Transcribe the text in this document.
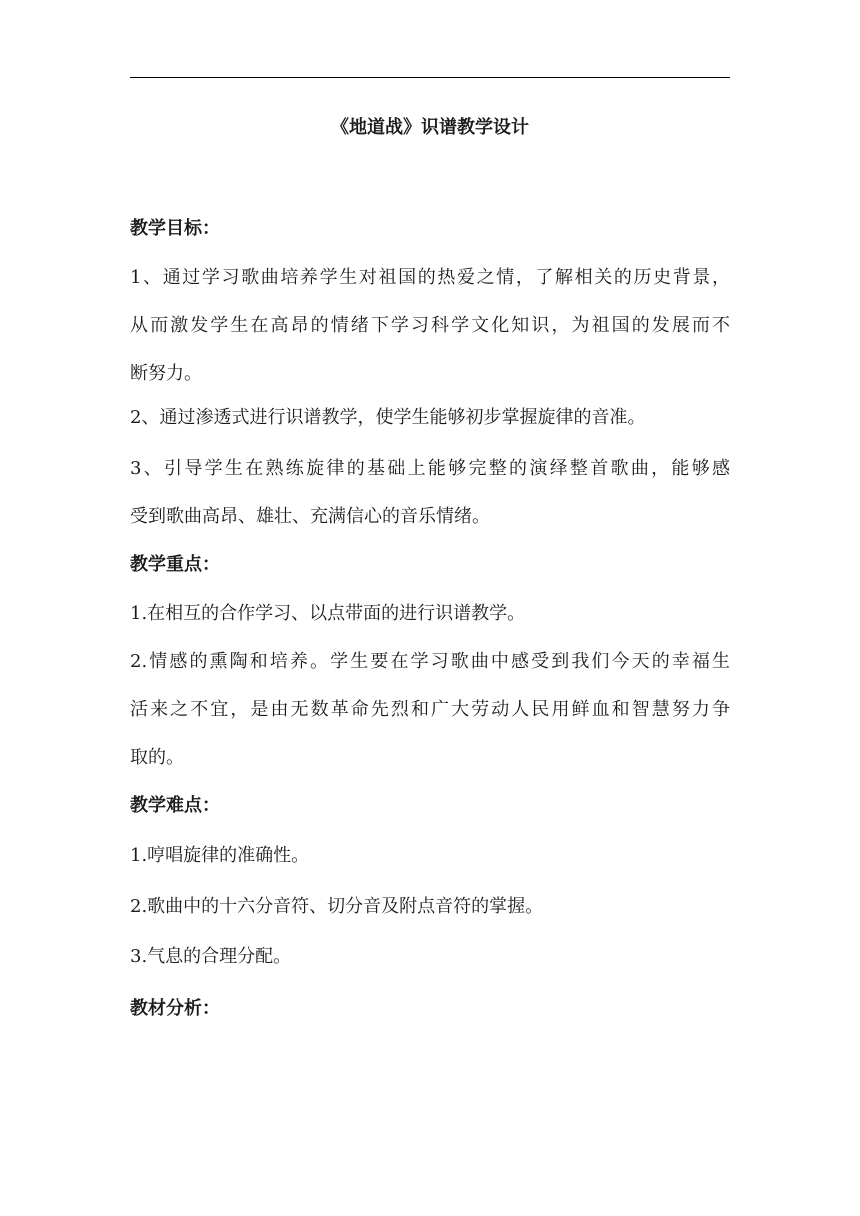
《地道战》识谱教学设计
教学目标：
1、通过学习歌曲培养学生对祖国的热爱之情，了解相关的历史背景，
从而激发学生在高昂的情绪下学习科学文化知识，为祖国的发展而不
断努力。
2、通过渗透式进行识谱教学，使学生能够初步掌握旋律的音准。
3、引导学生在熟练旋律的基础上能够完整的演绎整首歌曲，能够感
受到歌曲高昂、雄壮、充满信心的音乐情绪。
教学重点：
1.在相互的合作学习、以点带面的进行识谱教学。
2.情感的熏陶和培养。学生要在学习歌曲中感受到我们今天的幸福生
活来之不宜，是由无数革命先烈和广大劳动人民用鲜血和智慧努力争
取的。
教学难点：
1.哼唱旋律的准确性。
2.歌曲中的十六分音符、切分音及附点音符的掌握。
3.气息的合理分配。
教材分析：
